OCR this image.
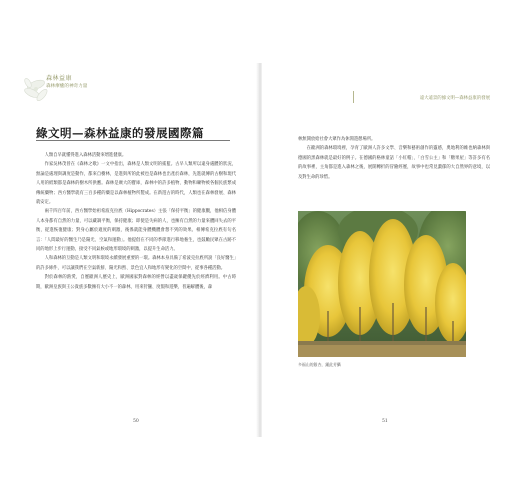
森林益康
森林療癒的神奇力量
綠文明—森林益康的發展國際篇

人類自早就懂得進入森林活動來增進健康。

作家吳林茂曾在《森林之歌》一文中指出，森林是人類文明的搖籃。古早人類所以遠身處體的狀況，無論是處理與調度是動作，都來自樹林，是進與所的此被也是森林也出產於森林，先進就傳的古樹和現代人用的紙類都是森林的樹木所供應。森林是廣大的寶庫，森林中的許多植物、動物和礦物被各個民族繁成傳統藥物；西方醫學就有三百多種的藥是以森林植物所製成。在新遊古的時代，人類也在森林發展、森林就安定。

兩千四百年前，西方醫學始祖希波克拉底（Hippocrates）主張「保持平衡」的健康觀，他相信身體人本身都有自然的力量，可以藏調平衡，保持健康；即使是失病的人，也擁有自然的力量來體回失去的平衡，從進恢復健康；對身心屬於適度的刺激，後係就能身體機體會想不到的效果。相傳希克拉底有句名言：「人間最好的醫生乃是陽光、空氣和運動」。他提倡在不同的季節進行移地養生，也鼓勵民眾在古跡不同的地形上步行運動，接受不同氣候或地形環境的刺激，以提升生命活力。

人和森林的互動是人類文明和環境永續發展重要的一環。森林本身具備了希波克拉底所說「良好醫生」的許多條件，可以讓我們在空氣新鮮、陽光和煦、景色宜人和地形有變化的空間中，從事各種活動。

對於森林的熱愛，自歷歐洲人歷史上，歐洲國家對森林的經營以盡歲保鍵優先於經濟利用。中古時期，歐洲皇族與王公貴族多數擁有大小不一的森林，用來狩獵、度假和遊樂，普遍解體後，森

50
遠大遠景的綠文明—森林益康的發展

林無開放給社會大眾作為休閒遊憩場所。

在歐洲的森林環境裡，孕育了歐洲人許多文學、音樂和藝術創作的靈感，奧地利的維也納森林與德國的黑森林就是最好的例子。在德國的格林童話「小紅帽」、「白雪公主」和「糖果屋」等許多有名的故事裡，主角都是進入森林之後，展開轉折的冒險經歷，故事中也常見濃郁的大自然界的意境，以及對生命的珍惜。

多福山的銀杏，鍾此芳攝
51
